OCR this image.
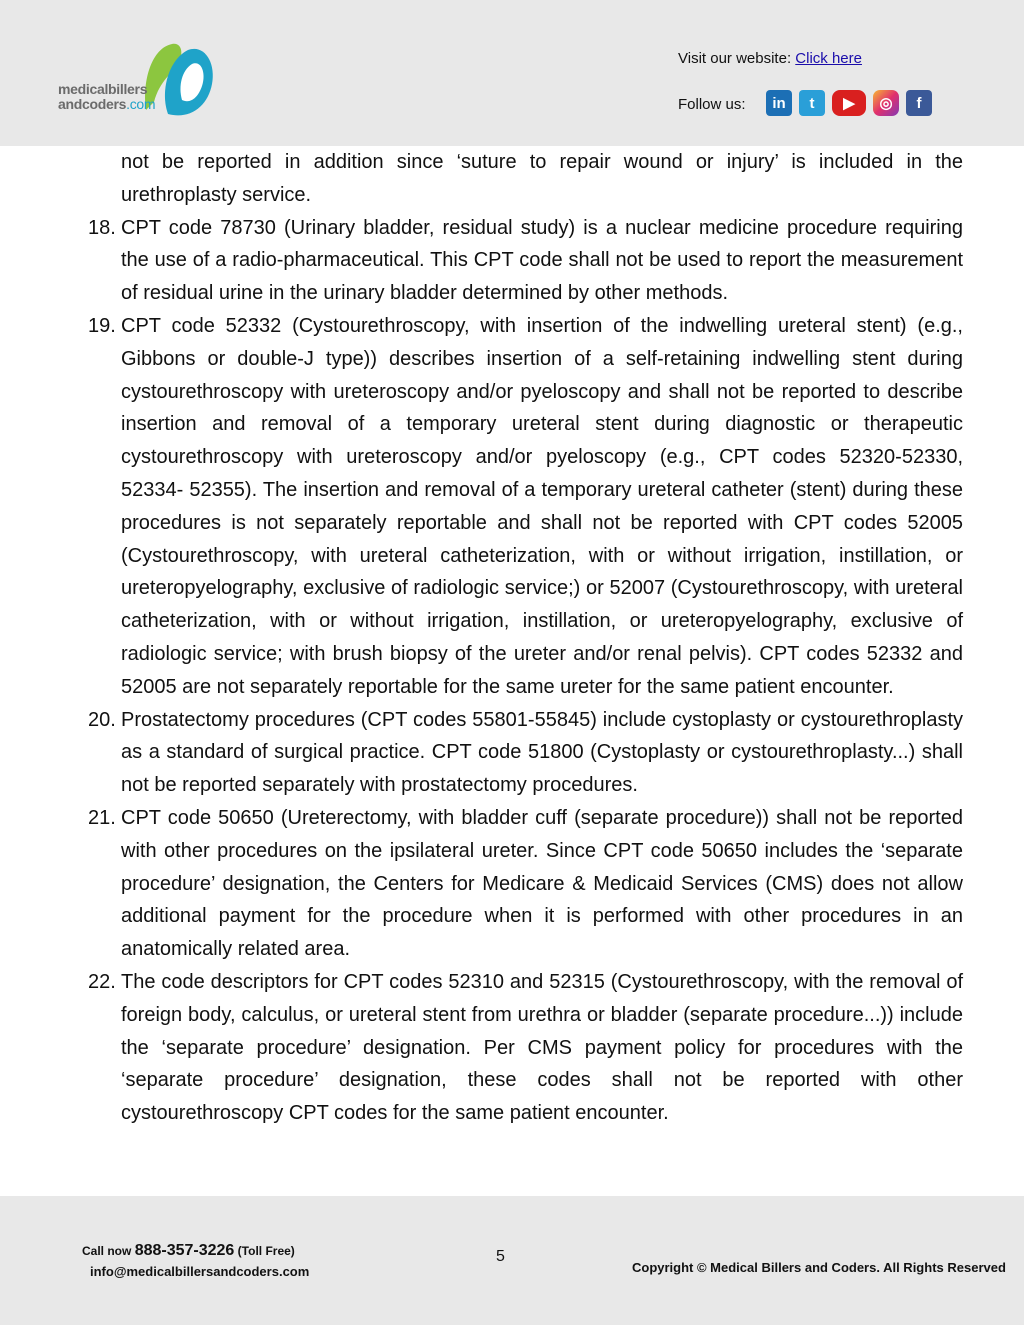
medicalbillers
andcoders.com
Visit our website: Click here
Follow us:	in	t	▶	◎	f

not be reported in addition since ‘suture to repair wound or injury’ is included in the urethroplasty service.

18. CPT code 78730 (Urinary bladder, residual study) is a nuclear medicine procedure requiring the use of a radio-pharmaceutical. This CPT code shall not be used to report the measurement of residual urine in the urinary bladder determined by other methods.

19. CPT code 52332 (Cystourethroscopy, with insertion of the indwelling ureteral stent) (e.g., Gibbons or double-J type)) describes insertion of a self-retaining indwelling stent during cystourethroscopy with ureteroscopy and/or pyeloscopy and shall not be reported to describe insertion and removal of a temporary ureteral stent during diagnostic or therapeutic cystourethroscopy with ureteroscopy and/or pyeloscopy (e.g., CPT codes 52320-52330, 52334- 52355). The insertion and removal of a temporary ureteral catheter (stent) during these procedures is not separately reportable and shall not be reported with CPT codes 52005 (Cystourethroscopy, with ureteral catheterization, with or without irrigation, instillation, or ureteropyelography, exclusive of radiologic service;) or 52007 (Cystourethroscopy, with ureteral catheterization, with or without irrigation, instillation, or ureteropyelography, exclusive of radiologic service; with brush biopsy of the ureter and/or renal pelvis). CPT codes 52332 and 52005 are not separately reportable for the same ureter for the same patient encounter.

20. Prostatectomy procedures (CPT codes 55801-55845) include cystoplasty or cystourethroplasty as a standard of surgical practice. CPT code 51800 (Cystoplasty or cystourethroplasty...) shall not be reported separately with prostatectomy procedures.

21. CPT code 50650 (Ureterectomy, with bladder cuff (separate procedure)) shall not be reported with other procedures on the ipsilateral ureter. Since CPT code 50650 includes the ‘separate procedure’ designation, the Centers for Medicare & Medicaid Services (CMS) does not allow additional payment for the procedure when it is performed with other procedures in an anatomically related area.

22. The code descriptors for CPT codes 52310 and 52315 (Cystourethroscopy, with the removal of foreign body, calculus, or ureteral stent from urethra or bladder (separate procedure...)) include the ‘separate procedure’ designation. Per CMS payment policy for procedures with the ‘separate procedure’ designation, these codes shall not be reported with other cystourethroscopy CPT codes for the same patient encounter.

Call now 888-357-3226 (Toll Free)
info@medicalbillersandcoders.com
5
Copyright © Medical Billers and Coders. All Rights Reserved
